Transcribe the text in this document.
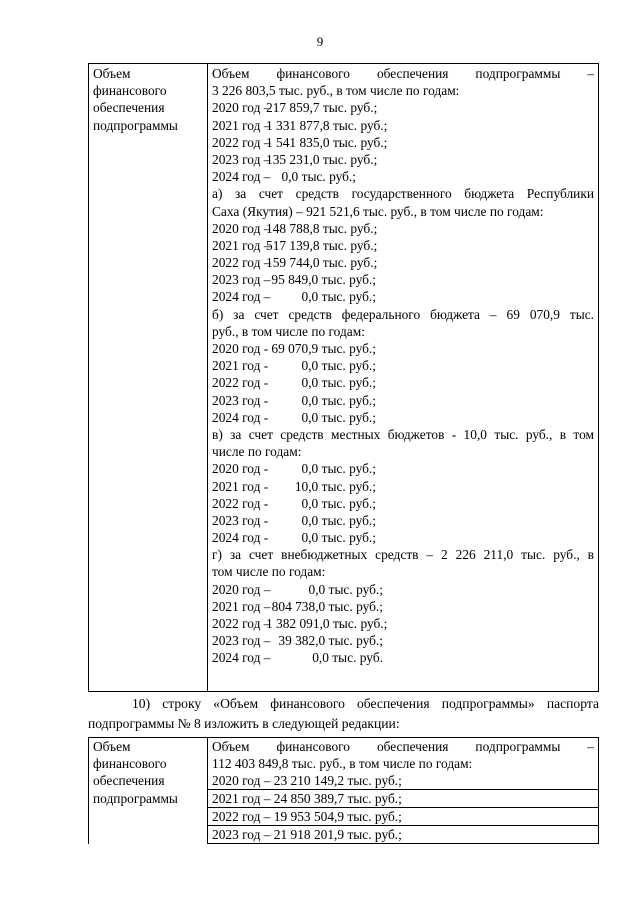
9
Объем
финансового
обеспечения
подпрограммы

Объем финансового обеспечения подпрограммы –
3 226 803,5 тыс. руб., в том числе по годам:
2020 год –217 859,7 тыс. руб.;
2021 год –1 331 877,8 тыс. руб.;
2022 год –1 541 835,0 тыс. руб.;
2023 год –135 231,0 тыс. руб.;
2024 год – 0,0 тыс. руб.;
а) за счет средств государственного бюджета Республики
Саха (Якутия) – 921 521,6 тыс. руб., в том числе по годам:
2020 год –148 788,8 тыс. руб.;
2021 год –517 139,8 тыс. руб.;
2022 год –159 744,0 тыс. руб.;
2023 год –95 849,0 тыс. руб.;
2024 год – 0,0 тыс. руб.;
б) за счет средств федерального бюджета – 69 070,9 тыс.
руб., в том числе по годам:
2020 год - 69 070,9 тыс. руб.;
2021 год - 0,0 тыс. руб.;
2022 год - 0,0 тыс. руб.;
2023 год - 0,0 тыс. руб.;
2024 год - 0,0 тыс. руб.;
в) за счет средств местных бюджетов - 10,0 тыс. руб., в том
числе по годам:
2020 год - 0,0 тыс. руб.;
2021 год - 10,0 тыс. руб.;
2022 год - 0,0 тыс. руб.;
2023 год - 0,0 тыс. руб.;
2024 год - 0,0 тыс. руб.;
г) за счет внебюджетных средств – 2 226 211,0 тыс. руб., в
том числе по годам:
2020 год –	0,0 тыс. руб.;
2021 год –804 738,0 тыс. руб.;
2022 год –1 382 091,0 тыс. руб.;
2023 год – 39 382,0 тыс. руб.;
2024 год –	0,0 тыс. руб.
10) строку «Объем финансового обеспечения подпрограммы» паспорта
подпрограммы № 8 изложить в следующей редакции:
Объем
финансового
обеспечения
подпрограммы

Объем финансового обеспечения подпрограммы –
112 403 849,8 тыс. руб., в том числе по годам:
2020 год – 23 210 149,2 тыс. руб.;
2021 год – 24 850 389,7 тыс. руб.;
2022 год – 19 953 504,9 тыс. руб.;
2023 год – 21 918 201,9 тыс. руб.;
